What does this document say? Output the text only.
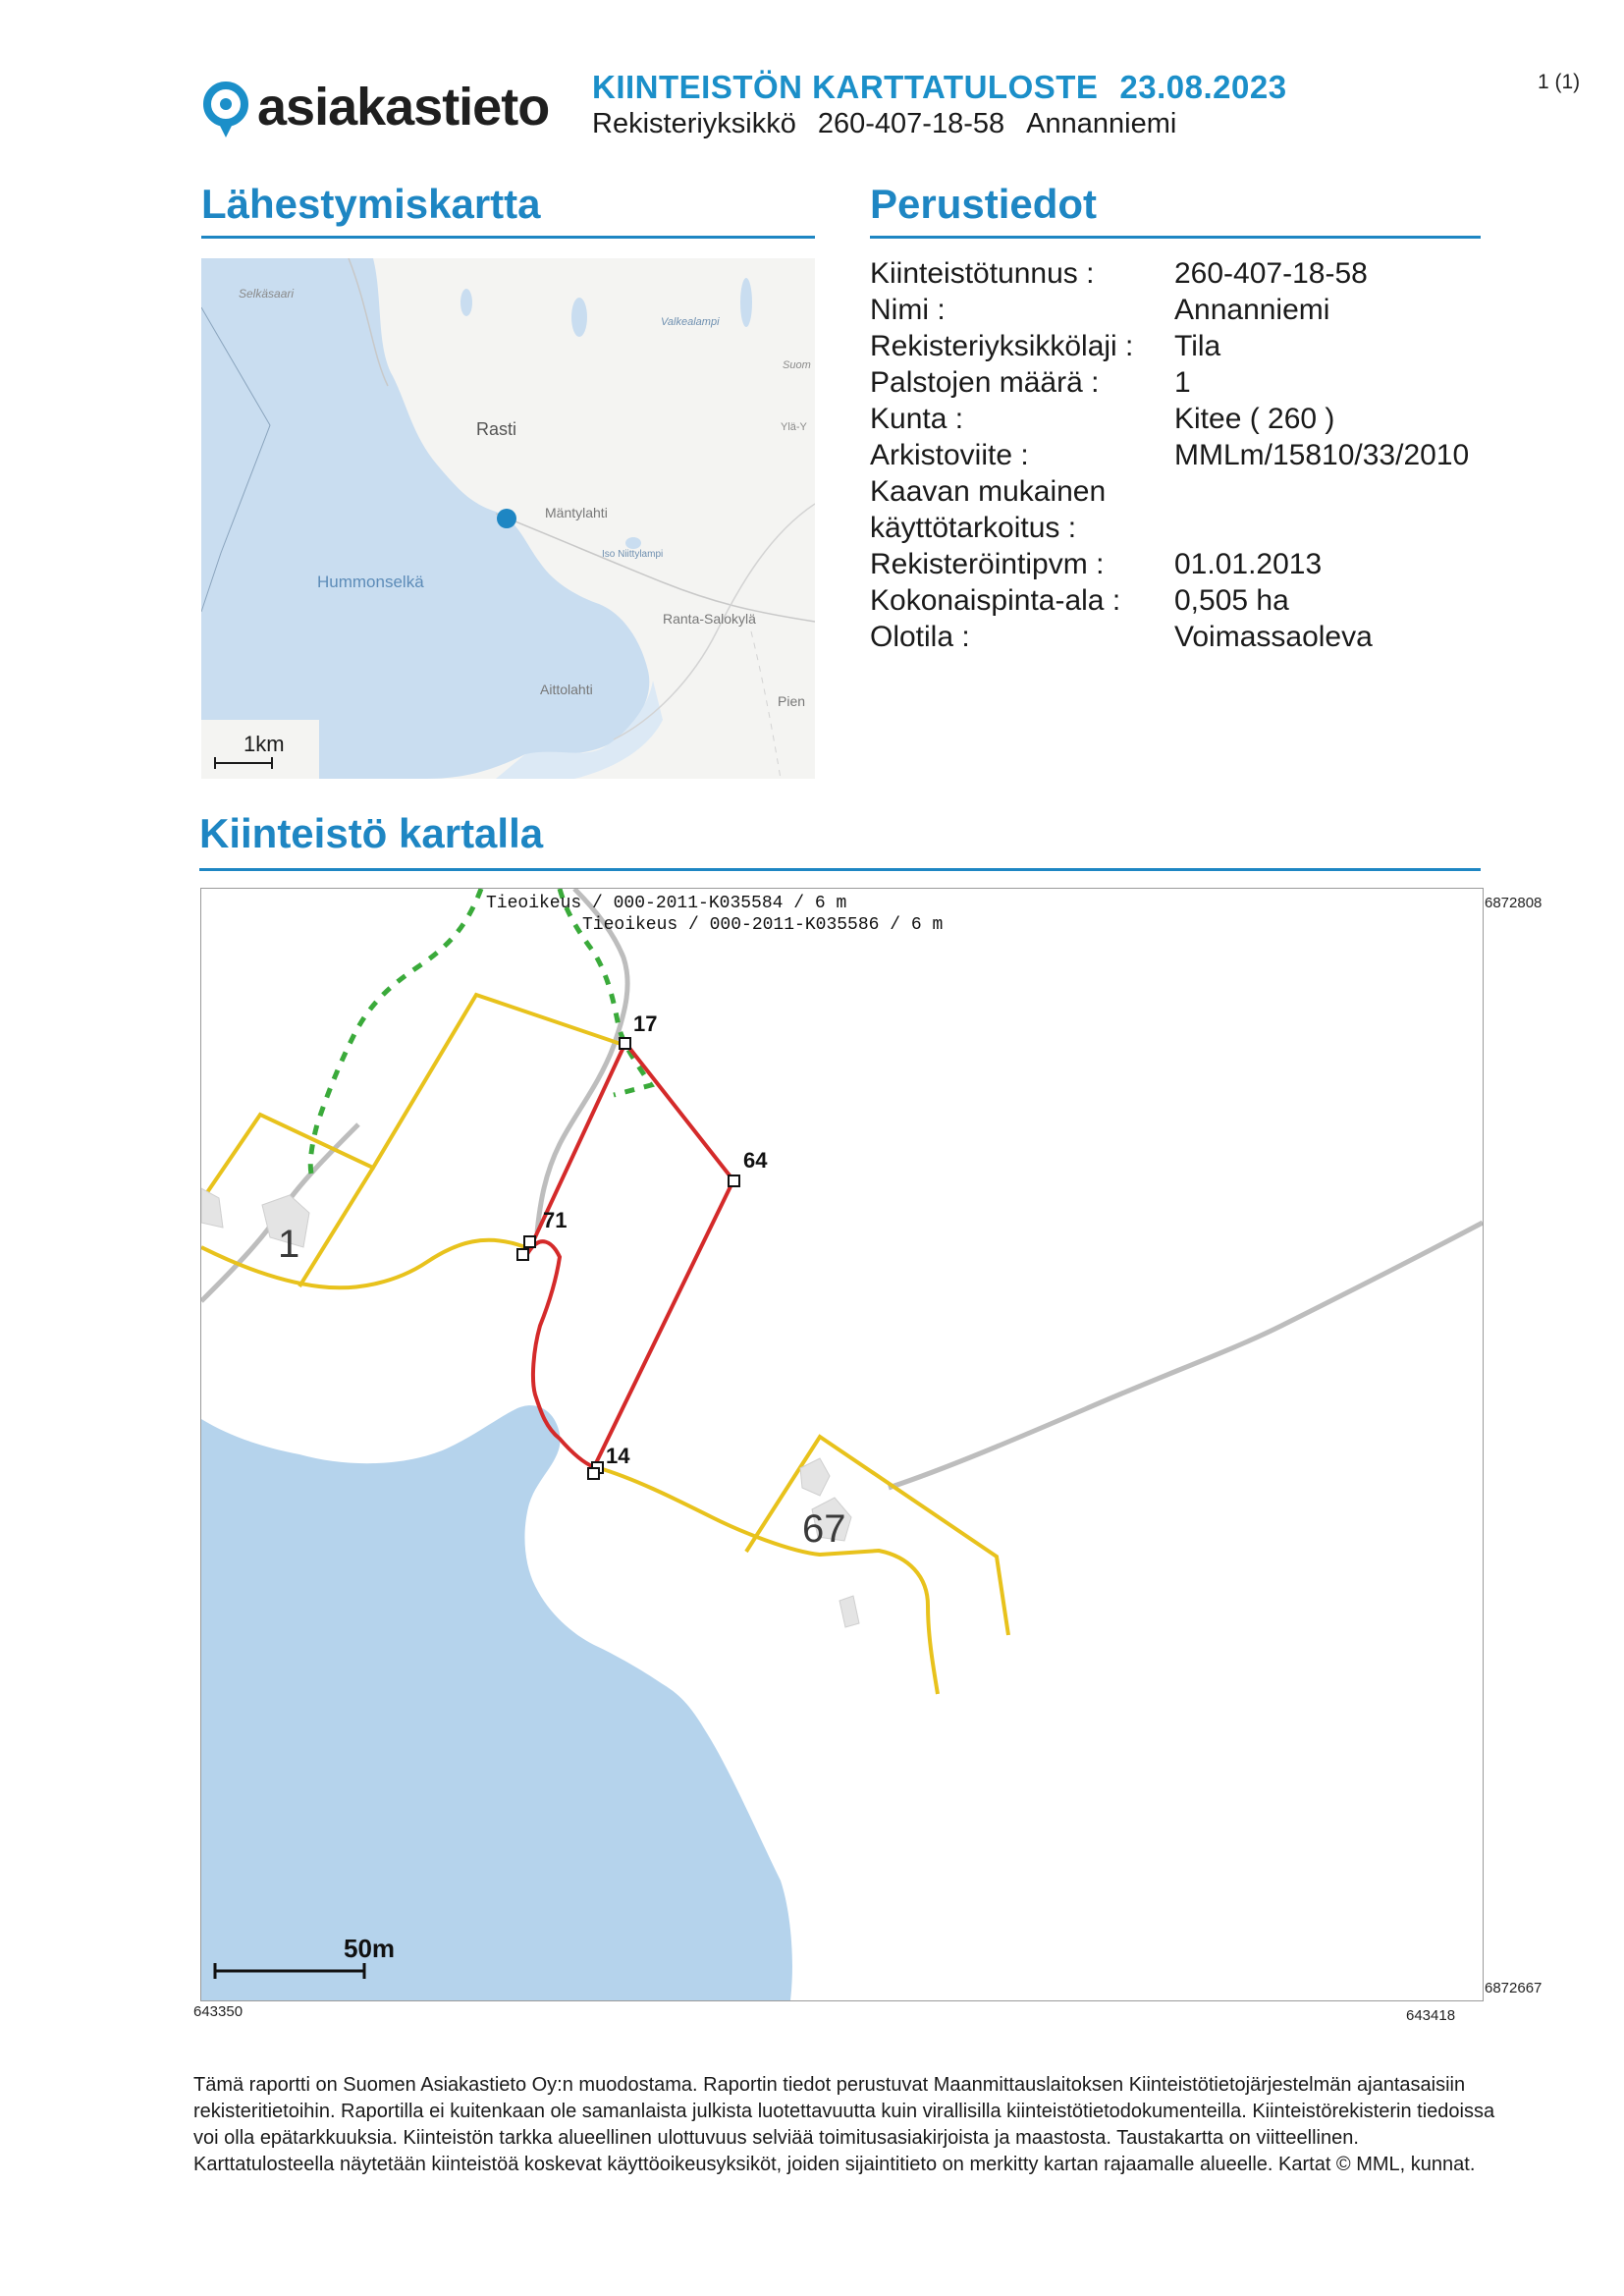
asiakastieto KIINTEISTÖN KARTTATULOSTE 23.08.2023
Rekisteriyksikkö 260-407-18-58 Annanniemi
1 (1)
Lähestymiskartta	Perustiedot
Kiinteistö kartalla
Kiinteistötunnus :	260-407-18-58
Nimi :	Annanniemi
Rekisteriyksikkölaji :	Tila
Palstojen määrä :	1
Kunta :	Kitee ( 260 )
Arkistoviite :	MMLm/15810/33/2010
Kaavan mukainen
käyttötarkoitus :
Rekisteröintipvm :	01.01.2013
Kokonaispinta-ala :	0,505 ha
Olotila :	Voimassaoleva
Selkäsaari
Valkealampi
Suom
Rasti	Ylä-Y
Mäntylahti
Iso Niittylampi
Hummonselkä
Ranta-Salokylä
Aittolahti
Pien
1km
17
64
71
14
1
67
Tieoikeus / 000-2011-K035584 / 6 m
Tieoikeus / 000-2011-K035586 / 6 m
50m
6872808
6872667
643350	643418
Tämä raportti on Suomen Asiakastieto Oy:n muodostama. Raportin tiedot perustuvat Maanmittauslaitoksen Kiinteistötietojärjestelmän ajantasaisiin rekisteritietoihin. Raportilla ei kuitenkaan ole samanlaista julkista luotettavuutta kuin virallisilla kiinteistötietodokumenteilla. Kiinteistörekisterin tiedoissa voi olla epätarkkuuksia. Kiinteistön tarkka alueellinen ulottuvuus selviää toimitusasiakirjoista ja maastosta. Taustakartta on viitteellinen. Karttatulosteella näytetään kiinteistöä koskevat käyttöoikeusyksiköt, joiden sijaintitieto on merkitty kartan rajaamalle alueelle. Kartat © MML, kunnat.
